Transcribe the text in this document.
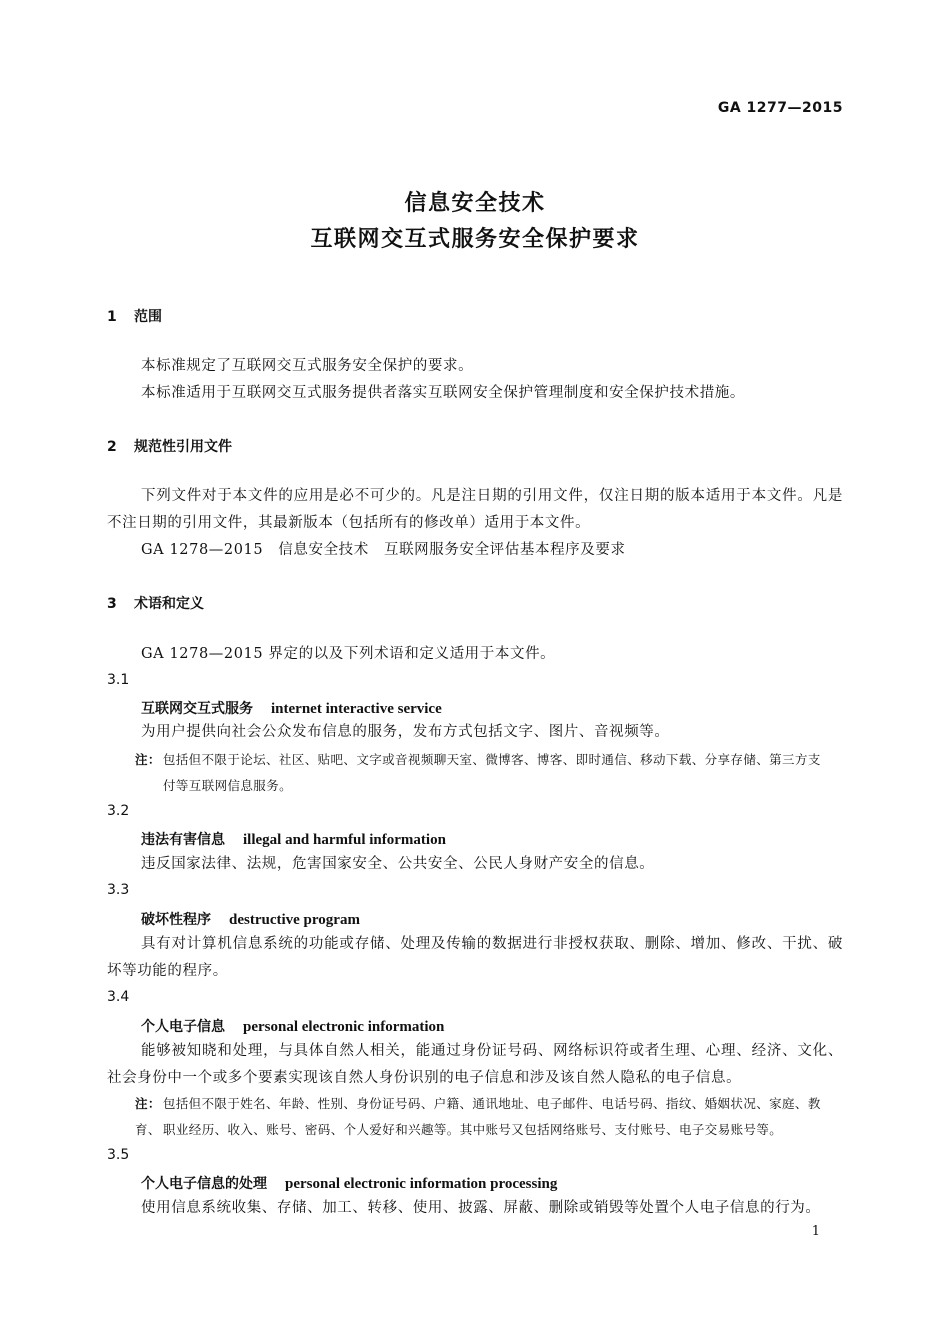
GA 1277—2015
信息安全技术
互联网交互式服务安全保护要求
1 范围
本标准规定了互联网交互式服务安全保护的要求。
本标准适用于互联网交互式服务提供者落实互联网安全保护管理制度和安全保护技术措施。
2 规范性引用文件
下列文件对于本文件的应用是必不可少的。凡是注日期的引用文件，仅注日期的版本适用于本文件。凡是不注日期的引用文件，其最新版本（包括所有的修改单）适用于本文件。
GA 1278—2015　信息安全技术　互联网服务安全评估基本程序及要求
3 术语和定义
GA 1278—2015 界定的以及下列术语和定义适用于本文件。
3.1
互联网交互式服务 internet interactive service
为用户提供向社会公众发布信息的服务，发布方式包括文字、图片、音视频等。
注： 包括但不限于论坛、社区、贴吧、文字或音视频聊天室、微博客、博客、即时通信、移动下载、分享存储、第三方支
付等互联网信息服务。
3.2
违法有害信息 illegal and harmful information
违反国家法律、法规，危害国家安全、公共安全、公民人身财产安全的信息。
3.3
破坏性程序 destructive program
具有对计算机信息系统的功能或存储、处理及传输的数据进行非授权获取、删除、增加、修改、干扰、破坏等功能的程序。
3.4
个人电子信息 personal electronic information
能够被知晓和处理，与具体自然人相关，能通过身份证号码、网络标识符或者生理、心理、经济、文化、社会身份中一个或多个要素实现该自然人身份识别的电子信息和涉及该自然人隐私的电子信息。
注： 包括但不限于姓名、年龄、性别、身份证号码、户籍、通讯地址、电子邮件、电话号码、指纹、婚姻状况、家庭、教育、 职业经历、收入、账号、密码、个人爱好和兴趣等。其中账号又包括网络账号、支付账号、电子交易账号等。
3.5
个人电子信息的处理 personal electronic information processing
使用信息系统收集、存储、加工、转移、使用、披露、屏蔽、删除或销毁等处置个人电子信息的行为。
1
